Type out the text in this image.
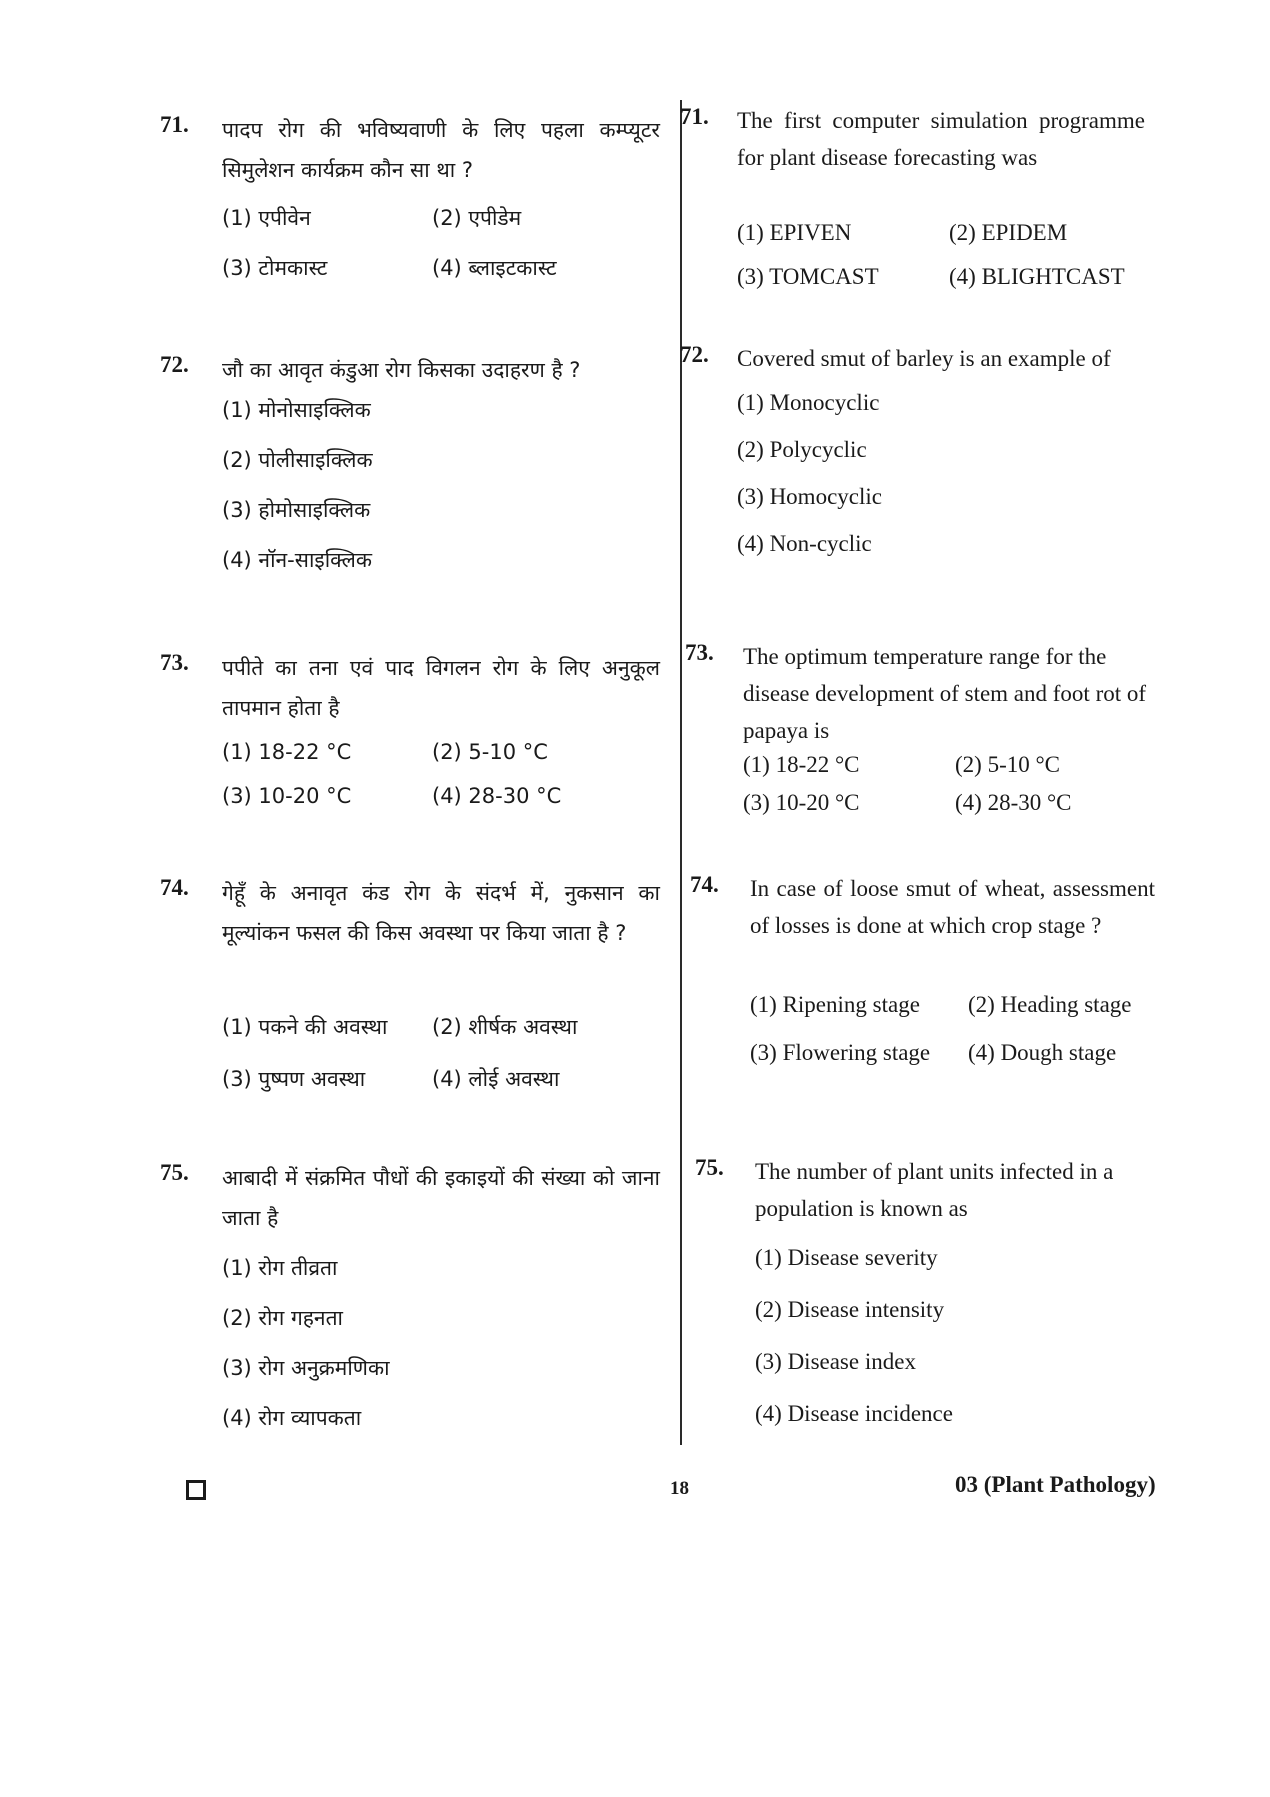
71. पादप रोग की भविष्यवाणी के लिए पहला कम्प्यूटर सिमुलेशन कार्यक्रम कौन सा था ?
(1) एपीवेन	(2) एपीडेम
(3) टोमकास्ट	(4) ब्लाइटकास्ट
72. जौ का आवृत कंडुआ रोग किसका उदाहरण है ?
(1) मोनोसाइक्लिक
(2) पोलीसाइक्लिक
(3) होमोसाइक्लिक
(4) नॉन-साइक्लिक
73. पपीते का तना एवं पाद विगलन रोग के लिए अनुकूल तापमान होता है
(1) 18-22 °C	(2) 5-10 °C
(3) 10-20 °C	(4) 28-30 °C
74. गेहूँ के अनावृत कंड रोग के संदर्भ में, नुकसान का मूल्यांकन फसल की किस अवस्था पर किया जाता है ?
(1) पकने की अवस्था (2) शीर्षक अवस्था
(3) पुष्पण अवस्था	(4) लोई अवस्था
75. आबादी में संक्रमित पौधों की इकाइयों की संख्या को जाना जाता है
(1) रोग तीव्रता
(2) रोग गहनता
(3) रोग अनुक्रमणिका
(4) रोग व्यापकता
71. The first computer simulation programme for plant disease forecasting was
(1) EPIVEN	(2) EPIDEM
(3) TOMCAST	(4) BLIGHTCAST
72. Covered smut of barley is an example of
(1) Monocyclic
(2) Polycyclic
(3) Homocyclic
(4) Non-cyclic
73. The optimum temperature range for the disease development of stem and foot rot of papaya is
(1) 18-22 °C	(2) 5-10 °C
(3) 10-20 °C	(4) 28-30 °C
74. In case of loose smut of wheat, assessment of losses is done at which crop stage ?
(1) Ripening stage (2) Heading stage
(3) Flowering stage (4) Dough stage
75. The number of plant units infected in a population is known as
(1) Disease severity
(2) Disease intensity
(3) Disease index
(4) Disease incidence
18	03 (Plant Pathology)
